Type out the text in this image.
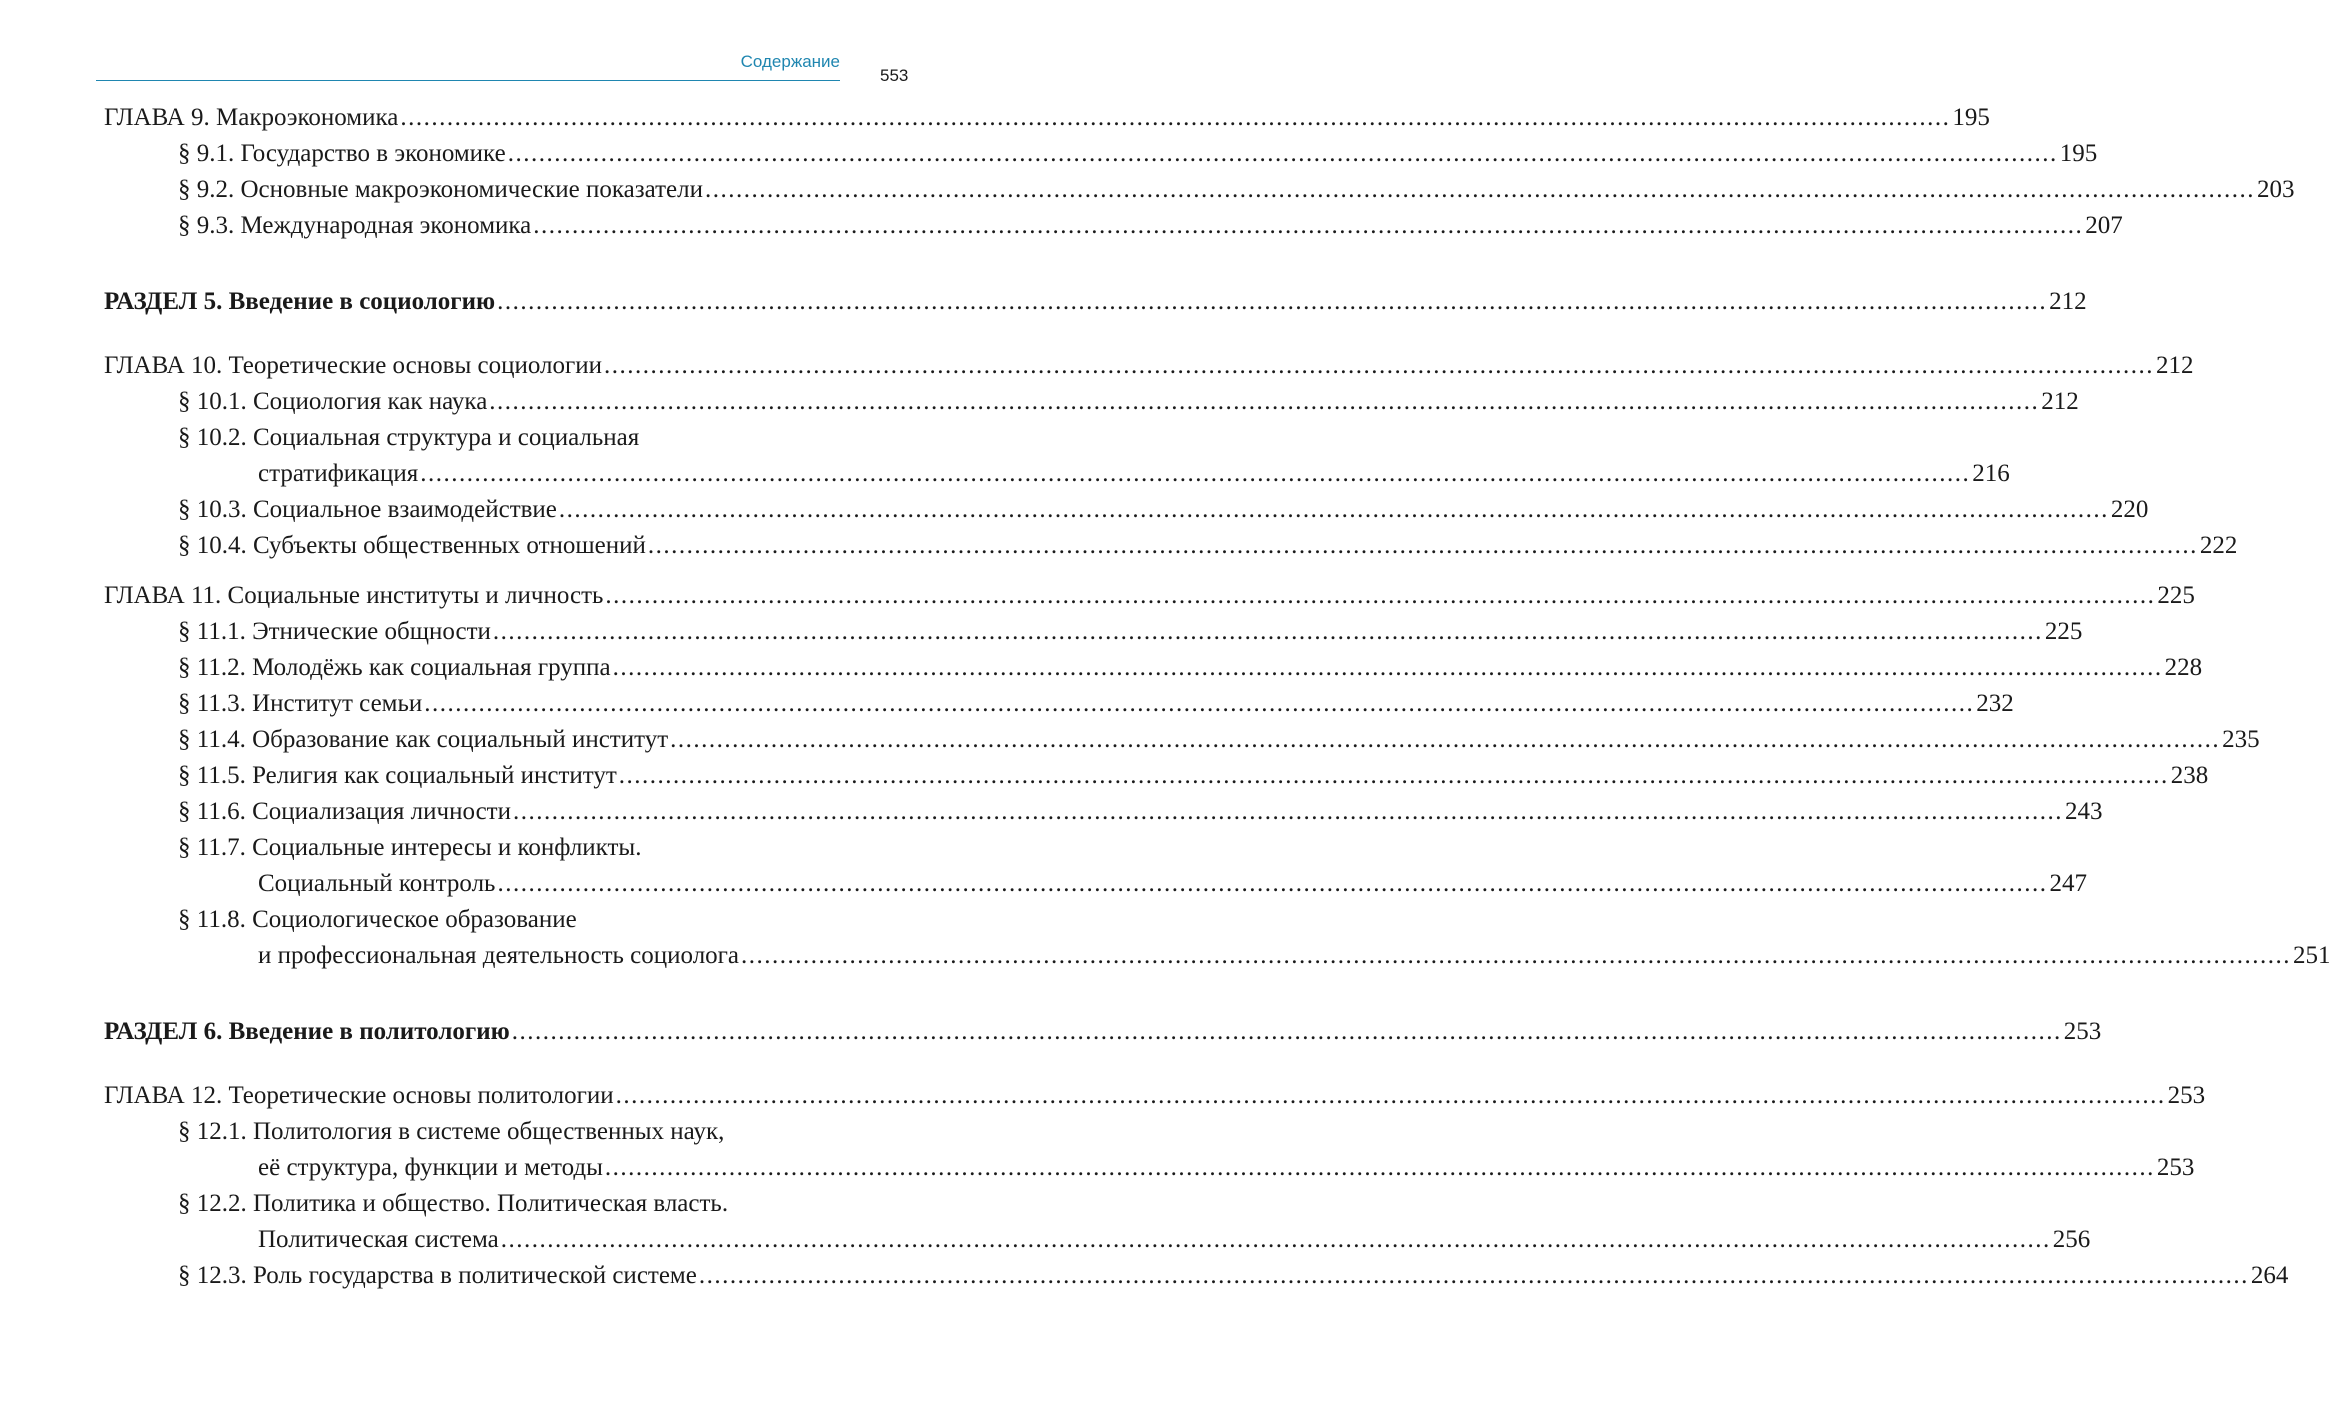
Содержание
553
ГЛАВА 9. Макроэкономика ........................................................................................................................................................................................................ 195
§ 9.1. Государство в экономике ........................................................................................................................................................................................................ 195
§ 9.2. Основные макроэкономические показатели ........................................................................................................................................................................................................ 203
§ 9.3. Международная экономика ........................................................................................................................................................................................................ 207
РАЗДЕЛ 5. Введение в социологию ........................................................................................................................................................................................................ 212
ГЛАВА 10. Теоретические основы социологии ........................................................................................................................................................................................................ 212
§ 10.1. Социология как наука ........................................................................................................................................................................................................ 212
§ 10.2. Социальная структура и социальная
стратификация ........................................................................................................................................................................................................ 216
§ 10.3. Социальное взаимодействие ........................................................................................................................................................................................................ 220
§ 10.4. Субъекты общественных отношений ........................................................................................................................................................................................................ 222
ГЛАВА 11. Социальные институты и личность ........................................................................................................................................................................................................ 225
§ 11.1. Этнические общности ........................................................................................................................................................................................................ 225
§ 11.2. Молодёжь как социальная группа ........................................................................................................................................................................................................ 228
§ 11.3. Институт семьи ........................................................................................................................................................................................................ 232
§ 11.4. Образование как социальный институт ........................................................................................................................................................................................................ 235
§ 11.5. Религия как социальный институт ........................................................................................................................................................................................................ 238
§ 11.6. Социализация личности ........................................................................................................................................................................................................ 243
§ 11.7. Социальные интересы и конфликты.
Социальный контроль ........................................................................................................................................................................................................ 247
§ 11.8. Социологическое образование
и профессиональная деятельность социолога ........................................................................................................................................................................................................ 251
РАЗДЕЛ 6. Введение в политологию ........................................................................................................................................................................................................ 253
ГЛАВА 12. Теоретические основы политологии ........................................................................................................................................................................................................ 253
§ 12.1. Политология в системе общественных наук,
её структура, функции и методы ........................................................................................................................................................................................................ 253
§ 12.2. Политика и общество. Политическая власть.
Политическая система ........................................................................................................................................................................................................ 256
§ 12.3. Роль государства в политической системе ........................................................................................................................................................................................................ 264
